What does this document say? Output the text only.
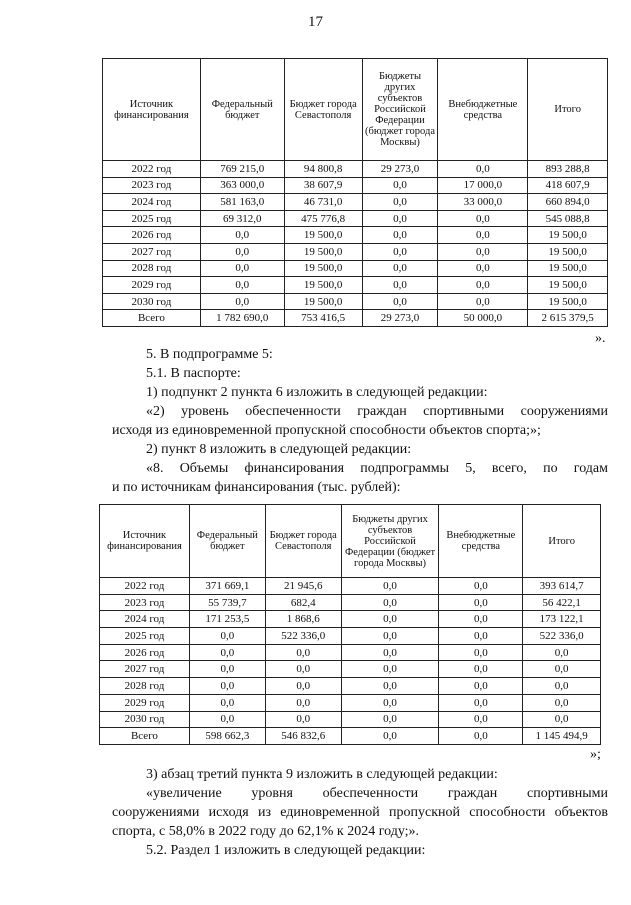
17
Источник финансирования	Федеральный бюджет	Бюджет города Севастополя	Бюджеты других субъектов Российской Федерации (бюджет города Москвы)	Внебюджетные средства	Итого
2022 год	769 215,0	94 800,8	29 273,0	0,0	893 288,8
2023 год	363 000,0	38 607,9	0,0	17 000,0	418 607,9
2024 год	581 163,0	46 731,0	0,0	33 000,0	660 894,0
2025 год	69 312,0	475 776,8	0,0	0,0	545 088,8
2026 год	0,0	19 500,0	0,0	0,0	19 500,0
2027 год	0,0	19 500,0	0,0	0,0	19 500,0
2028 год	0,0	19 500,0	0,0	0,0	19 500,0
2029 год	0,0	19 500,0	0,0	0,0	19 500,0
2030 год	0,0	19 500,0	0,0	0,0	19 500,0
Всего	1 782 690,0	753 416,5	29 273,0	50 000,0	2 615 379,5
».
5. В подпрограмме 5:
5.1. В паспорте:
1) подпункт 2 пункта 6 изложить в следующей редакции:
«2) уровень обеспеченности граждан спортивными сооружениями
исходя из единовременной пропускной способности объектов спорта;»;
2) пункт 8 изложить в следующей редакции:
«8. Объемы финансирования подпрограммы 5, всего, по годам
и по источникам финансирования (тыс. рублей):
Источник финансирования	Федеральный бюджет	Бюджет города Севастополя	Бюджеты других субъектов Российской Федерации (бюджет города Москвы)	Внебюджетные средства	Итого
2022 год	371 669,1	21 945,6	0,0	0,0	393 614,7
2023 год	55 739,7	682,4	0,0	0,0	56 422,1
2024 год	171 253,5	1 868,6	0,0	0,0	173 122,1
2025 год	0,0	522 336,0	0,0	0,0	522 336,0
2026 год	0,0	0,0	0,0	0,0	0,0
2027 год	0,0	0,0	0,0	0,0	0,0
2028 год	0,0	0,0	0,0	0,0	0,0
2029 год	0,0	0,0	0,0	0,0	0,0
2030 год	0,0	0,0	0,0	0,0	0,0
Всего	598 662,3	546 832,6	0,0	0,0	1 145 494,9
»;
3) абзац третий пункта 9 изложить в следующей редакции:
«увеличение уровня обеспеченности граждан спортивными
сооружениями исходя из единовременной пропускной способности объектов
спорта, с 58,0% в 2022 году до 62,1% к 2024 году;».
5.2. Раздел 1 изложить в следующей редакции:
